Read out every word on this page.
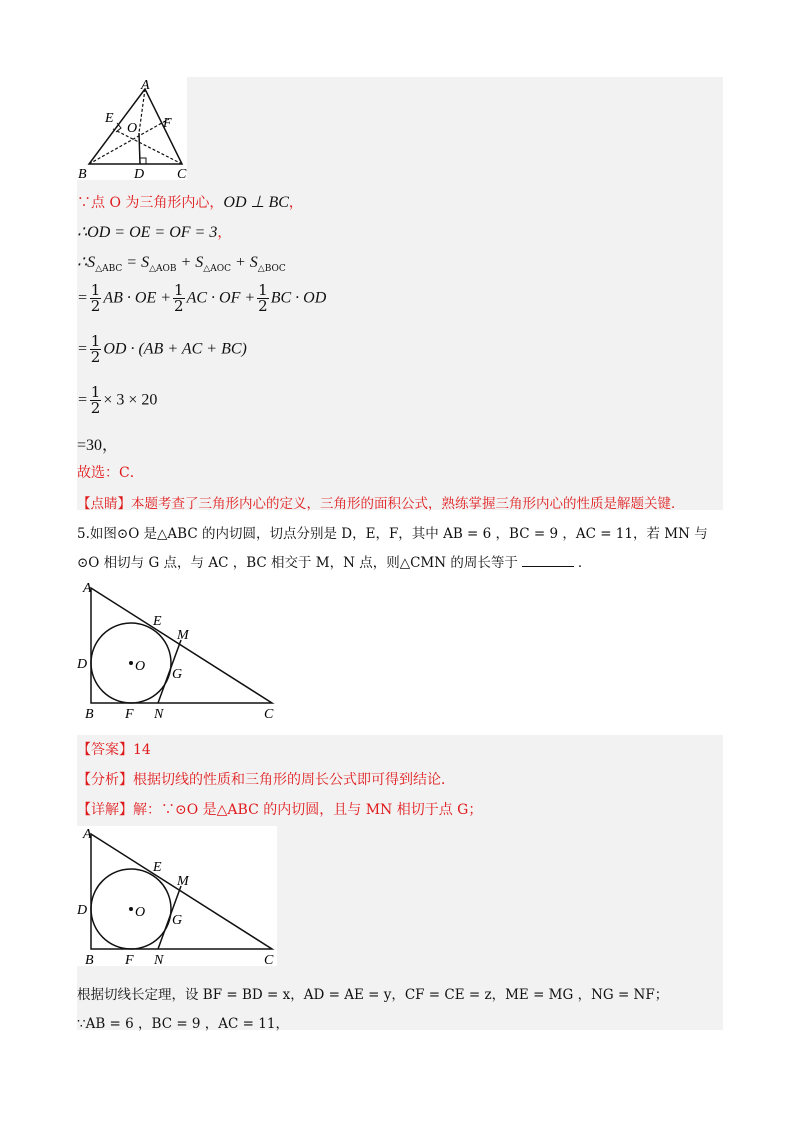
A
E
O F
B	D C
∵点 O 为三角形内心，OD ⊥ BC，
∴OD = OE = OF = 3，
$\therefore S_{\triangle ABC} = S_{\triangle AOB} + S_{\triangle AOC} + S_{\triangle BOC}$
= $\frac{1}{2}$ AB · OE + $\frac{1}{2}$ AC · OF + $\frac{1}{2}$ BC · OD
= $\frac{1}{2}$ OD · (AB + AC + BC)
= $\frac{1}{2} \times 3 \times 20$
=30，
故选：C．
【点睛】本题考查了三角形内心的定义，三角形的面积公式，熟练掌握三角形内心的性质是解题关键．
5.如图⊙O 是△ABC 的内切圆，切点分别是 D，E，F，其中 AB = 6 ，BC = 9 ，AC = 11，若 MN 与
⊙O 相切与 G 点，与 AC ，BC 相交于 M，N 点，则△CMN 的周长等于	．
A
E
M
D	O
G
B F N	C
【答案】14
【分析】根据切线的性质和三角形的周长公式即可得到结论．
【详解】解：∵⊙O 是△ABC 的内切圆，且与 MN 相切于点 G；
A
E
M
D	O
G
B F N	C
根据切线长定理，设 BF = BD = x，AD = AE = y，CF = CE = z，ME = MG ，NG = NF；
∵AB = 6 ，BC = 9 ，AC = 11，
